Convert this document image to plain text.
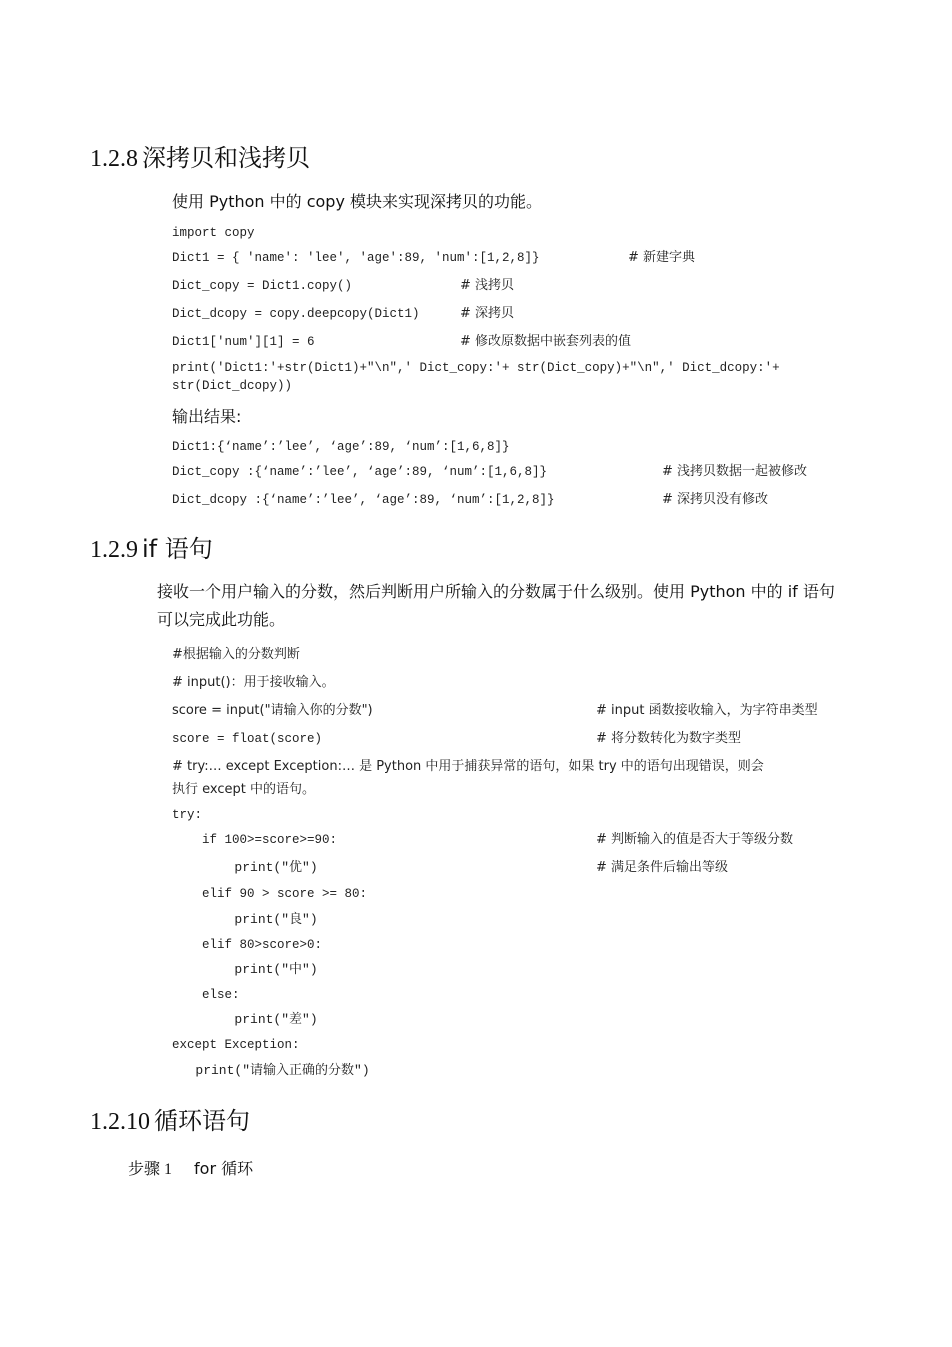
1.2.8 深拷贝和浅拷贝
使用 Python 中的 copy 模块来实现深拷贝的功能。
import copy
Dict1 = { 'name': 'lee', 'age':89, 'num':[1,2,8]}	# 新建字典
Dict_copy = Dict1.copy()	# 浅拷贝
Dict_dcopy = copy.deepcopy(Dict1)	# 深拷贝
Dict1['num'][1] = 6	# 修改原数据中嵌套列表的值
print('Dict1:'+str(Dict1)+"\n",' Dict_copy:'+ str(Dict_copy)+"\n",' Dict_dcopy:'+
str(Dict_dcopy))
输出结果:
Dict1:{‘name’:’lee’, ‘age’:89, ‘num’:[1,6,8]}
Dict_copy :{‘name’:’lee’, ‘age’:89, ‘num’:[1,6,8]}	# 浅拷贝数据一起被修改
Dict_dcopy :{‘name’:’lee’, ‘age’:89, ‘num’:[1,2,8]}	# 深拷贝没有修改
1.2.9 if 语句
接收一个用户输入的分数，然后判断用户所输入的分数属于什么级别。使用 Python 中的 if 语句
可以完成此功能。
#根据输入的分数判断
# input()：用于接收输入。
score = input("请输入你的分数")	# input 函数接收输入，为字符串类型
score = float(score)	# 将分数转化为数字类型
# try:… except Exception:… 是 Python 中用于捕获异常的语句，如果 try 中的语句出现错误，则会
执行 except 中的语句。
try:
if 100>=score>=90:	# 判断输入的值是否大于等级分数
print("优")	# 满足条件后输出等级
elif 90 > score >= 80:
print("良")
elif 80>score>0:
print("中")
else:
print("差")
except Exception:
print("请输入正确的分数")
1.2.10 循环语句
步骤 1 for 循环
